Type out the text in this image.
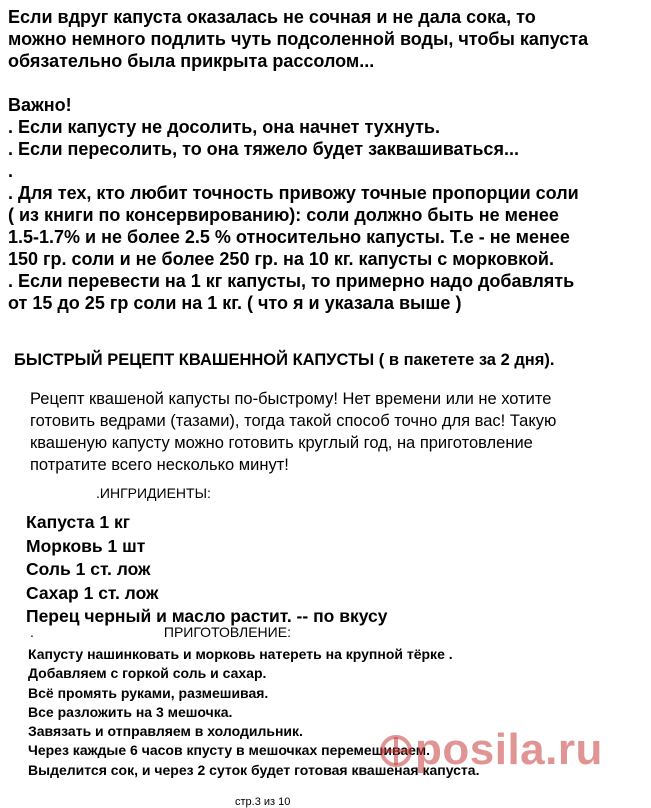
Если вдруг капуста оказалась не сочная и не дала сока, то
можно немного подлить чуть подсоленной воды, чтобы капуста
обязательно была прикрыта рассолом...
Важно!
. Если капусту не досолить, она начнет тухнуть.
. Если пересолить, то она тяжело будет заквашиваться...
.
. Для тех, кто любит точность привожу точные пропорции соли
( из книги по консервированию): соли должно быть не менее
1.5-1.7% и не более 2.5 % относительно капусты. Т.е - не менее
150 гр. соли и не более 250 гр. на 10 кг. капусты с морковкой.
. Если перевести на 1 кг капусты, то примерно надо добавлять
от 15 до 25 гр соли на 1 кг. ( что я и указала выше )
БЫСТРЫЙ РЕЦЕПТ КВАШЕННОЙ КАПУСТЫ ( в пакетете за 2 дня).
Рецепт квашеной капусты по-быстрому! Нет времени или не хотите
готовить ведрами (тазами), тогда такой способ точно для вас! Такую
квашеную капусту можно готовить круглый год, на приготовление
потратите всего несколько минут!
.ИНГРИДИЕНТЫ:
Капуста 1 кг
Морковь 1 шт
Соль 1 ст. лож
Сахар 1 ст. лож
Перец черный и масло растит. -- по вкусу
.	ПРИГОТОВЛЕНИЕ:
Капусту нашинковать и морковь натереть на крупной тёрке .
Добавляем с горкой соль и сахар.
Всё промять руками, размешивая.
Все разложить на 3 мешочка.
Завязать и отправляем в холодильник.
Через каждые 6 часов кпусту в мешочках перемешиваем.
Выделится сок, и через 2 суток будет готовая квашеная капуста.
posila.ru
стр.3 из 10
